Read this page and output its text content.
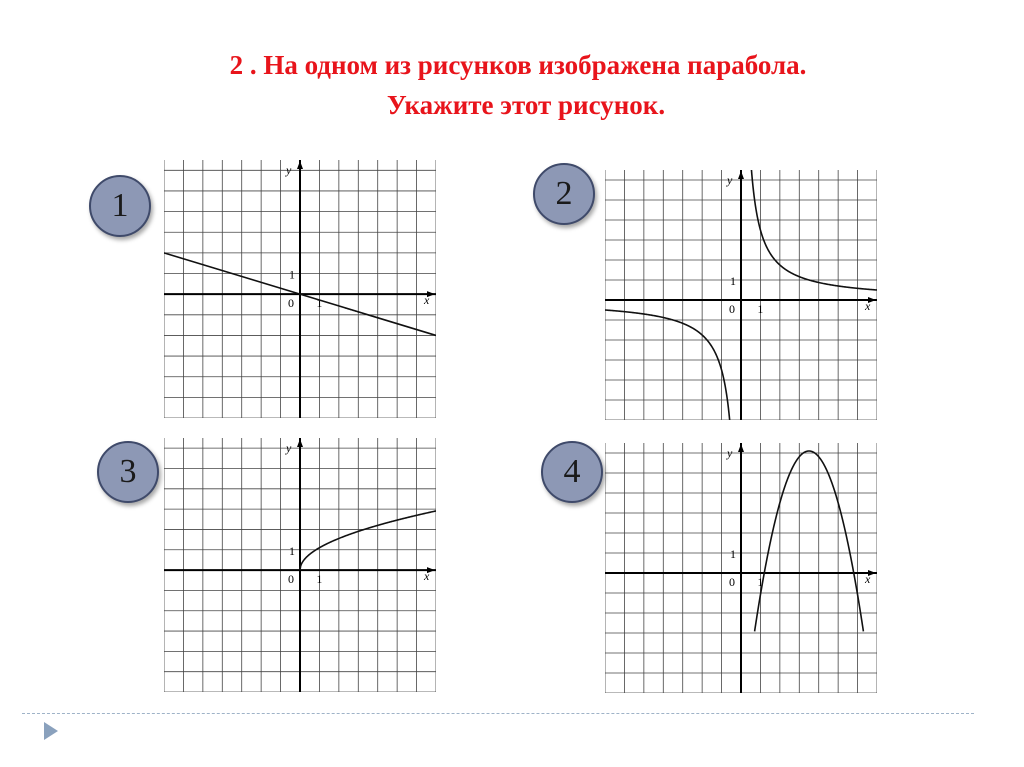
2 . На одном из рисунков изображена парабола.
Укажите этот рисунок.
0 1
1
x
y
0 1
1
x
y
0 1
1
x
y
0 1
1
x
y
1	2
3	4
